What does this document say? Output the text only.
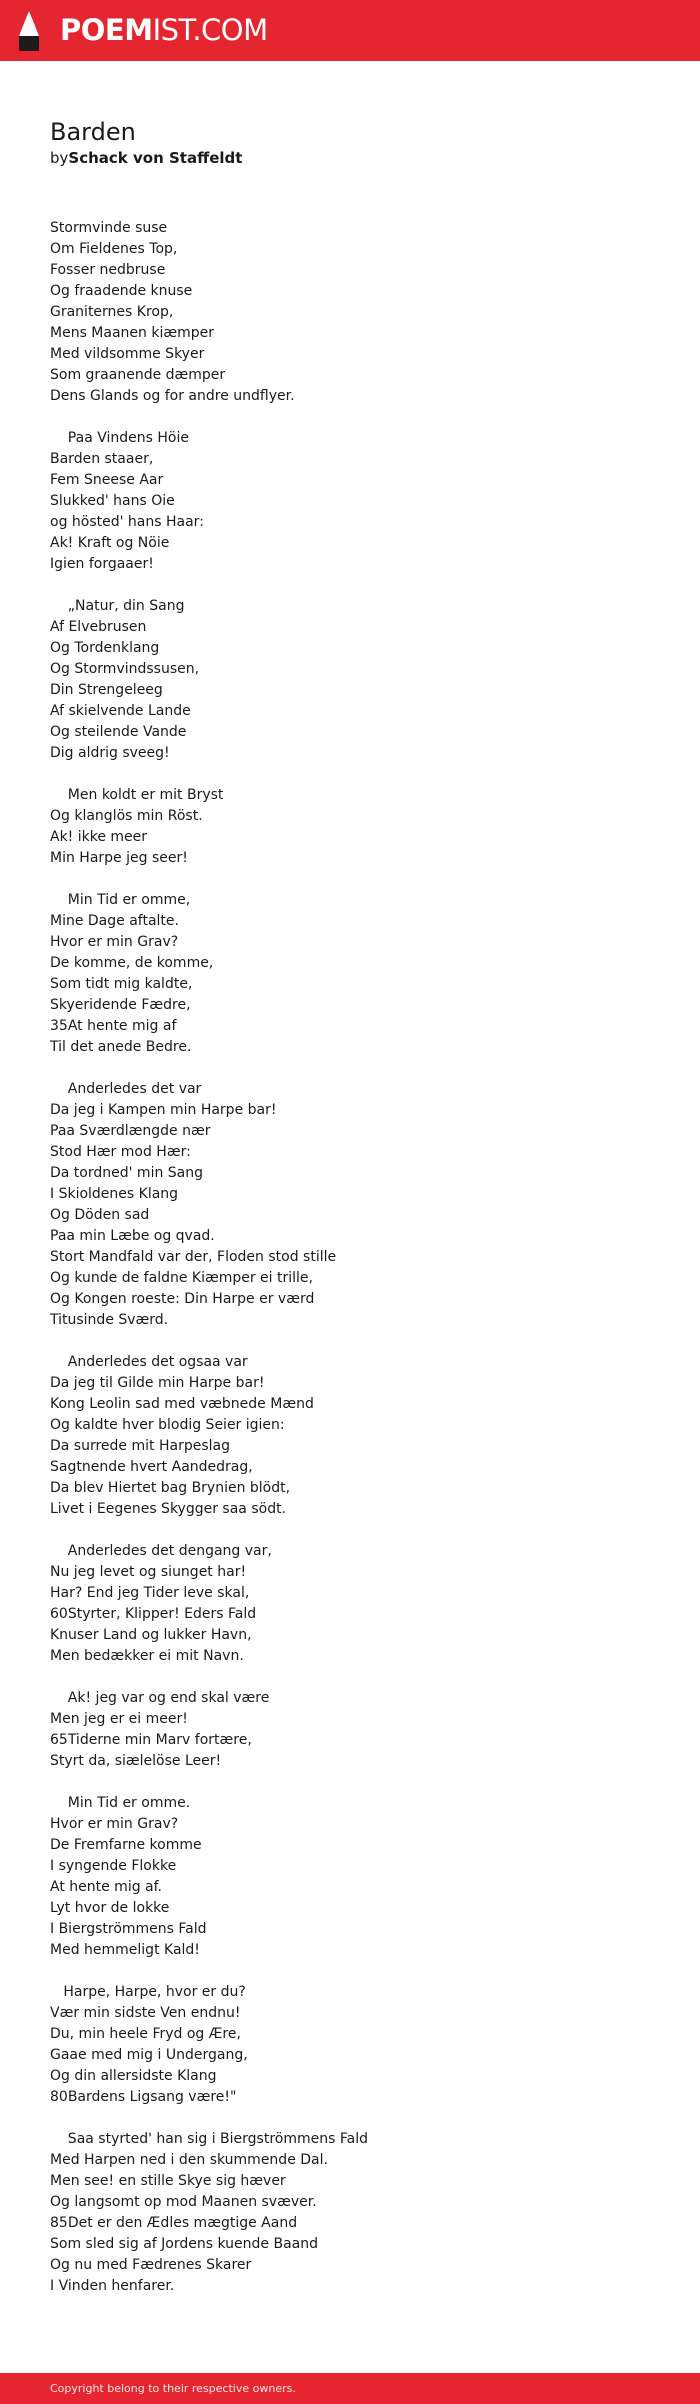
POEMIST.COM
Barden
bySchack von Staffeldt
Stormvinde suse
Om Fieldenes Top,
Fosser nedbruse
Og fraadende knuse
Graniternes Krop,
Mens Maanen kiæmper
Med vildsomme Skyer
Som graanende dæmper
Dens Glands og for andre undflyer.
Paa Vindens Höie
Barden staaer,
Fem Sneese Aar
Slukked' hans Oie
og hösted' hans Haar:
Ak! Kraft og Nöie
Igien forgaaer!
„Natur, din Sang
Af Elvebrusen
Og Tordenklang
Og Stormvindssusen,
Din Strengeleeg
Af skielvende Lande
Og steilende Vande
Dig aldrig sveeg!
Men koldt er mit Bryst
Og klanglös min Röst.
Ak! ikke meer
Min Harpe jeg seer!
Min Tid er omme,
Mine Dage aftalte.
Hvor er min Grav?
De komme, de komme,
Som tidt mig kaldte,
Skyeridende Fædre,
35At hente mig af
Til det anede Bedre.
Anderledes det var
Da jeg i Kampen min Harpe bar!
Paa Sværdlængde nær
Stod Hær mod Hær:
Da tordned' min Sang
I Skioldenes Klang
Og Döden sad
Paa min Læbe og qvad.
Stort Mandfald var der, Floden stod stille
Og kunde de faldne Kiæmper ei trille,
Og Kongen roeste: Din Harpe er værd
Titusinde Sværd.
Anderledes det ogsaa var
Da jeg til Gilde min Harpe bar!
Kong Leolin sad med væbnede Mænd
Og kaldte hver blodig Seier igien:
Da surrede mit Harpeslag
Sagtnende hvert Aandedrag,
Da blev Hiertet bag Brynien blödt,
Livet i Eegenes Skygger saa södt.
Anderledes det dengang var,
Nu jeg levet og siunget har!
Har? End jeg Tider leve skal,
60Styrter, Klipper! Eders Fald
Knuser Land og lukker Havn,
Men bedækker ei mit Navn.
Ak! jeg var og end skal være
Men jeg er ei meer!
65Tiderne min Marv fortære,
Styrt da, siælelöse Leer!
Min Tid er omme.
Hvor er min Grav?
De Fremfarne komme
I syngende Flokke
At hente mig af.
Lyt hvor de lokke
I Biergströmmens Fald
Med hemmeligt Kald!
Harpe, Harpe, hvor er du?
Vær min sidste Ven endnu!
Du, min heele Fryd og Ære,
Gaae med mig i Undergang,
Og din allersidste Klang
80Bardens Ligsang være!"
Saa styrted' han sig i Biergströmmens Fald
Med Harpen ned i den skummende Dal.
Men see! en stille Skye sig hæver
Og langsomt op mod Maanen svæver.
85Det er den Ædles mægtige Aand
Som sled sig af Jordens kuende Baand
Og nu med Fædrenes Skarer
I Vinden henfarer.
Copyright belong to their respective owners.
